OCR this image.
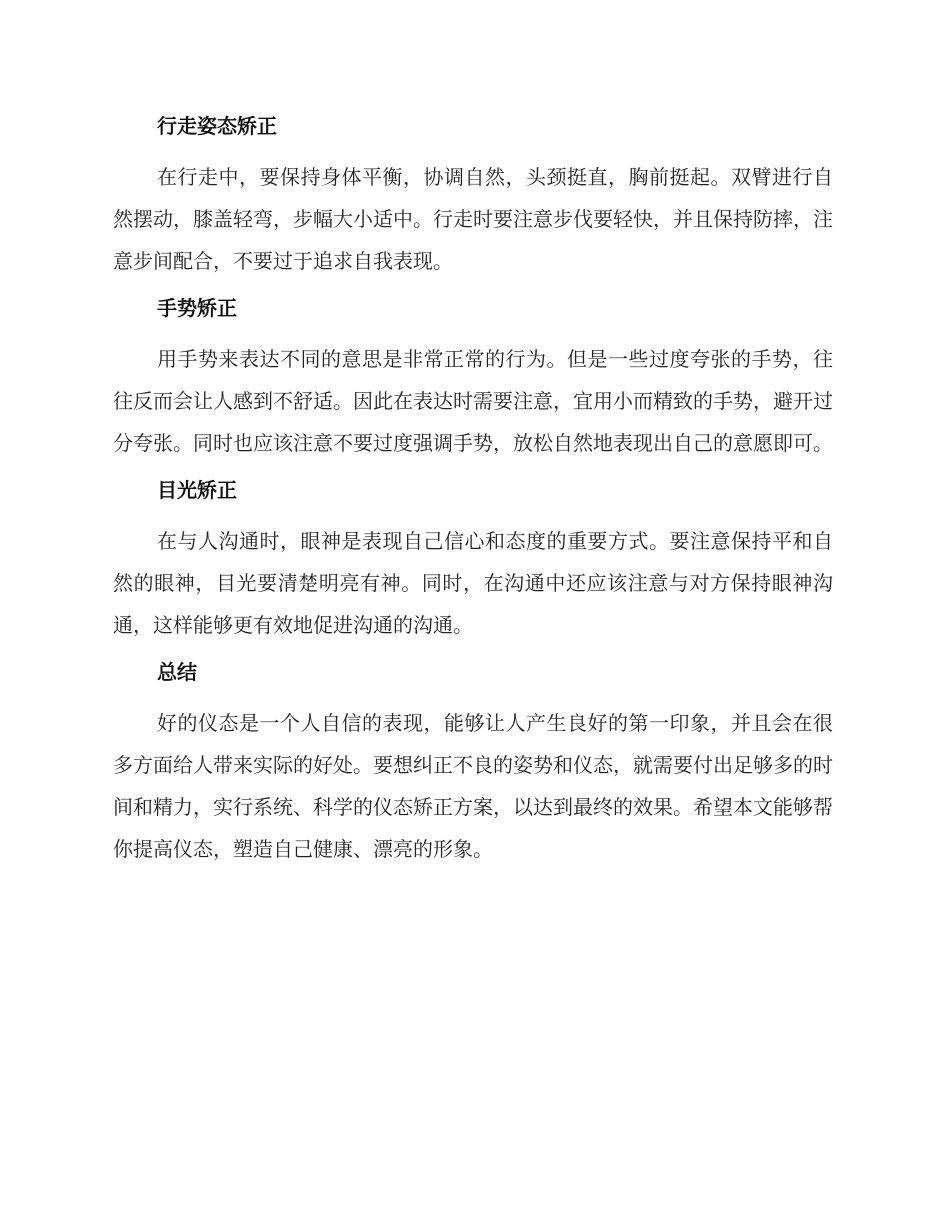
行走姿态矫正

在行走中，要保持身体平衡，协调自然，头颈挺直，胸前挺起。双臂进行自然摆动，膝盖轻弯，步幅大小适中。行走时要注意步伐要轻快，并且保持防摔，注意步间配合，不要过于追求自我表现。

手势矫正

用手势来表达不同的意思是非常正常的行为。但是一些过度夸张的手势，往往反而会让人感到不舒适。因此在表达时需要注意，宜用小而精致的手势，避开过分夸张。同时也应该注意不要过度强调手势，放松自然地表现出自己的意愿即可。

目光矫正

在与人沟通时，眼神是表现自己信心和态度的重要方式。要注意保持平和自然的眼神，目光要清楚明亮有神。同时，在沟通中还应该注意与对方保持眼神沟通，这样能够更有效地促进沟通的沟通。

总结

好的仪态是一个人自信的表现，能够让人产生良好的第一印象，并且会在很多方面给人带来实际的好处。要想纠正不良的姿势和仪态，就需要付出足够多的时间和精力，实行系统、科学的仪态矫正方案，以达到最终的效果。希望本文能够帮你提高仪态，塑造自己健康、漂亮的形象。
